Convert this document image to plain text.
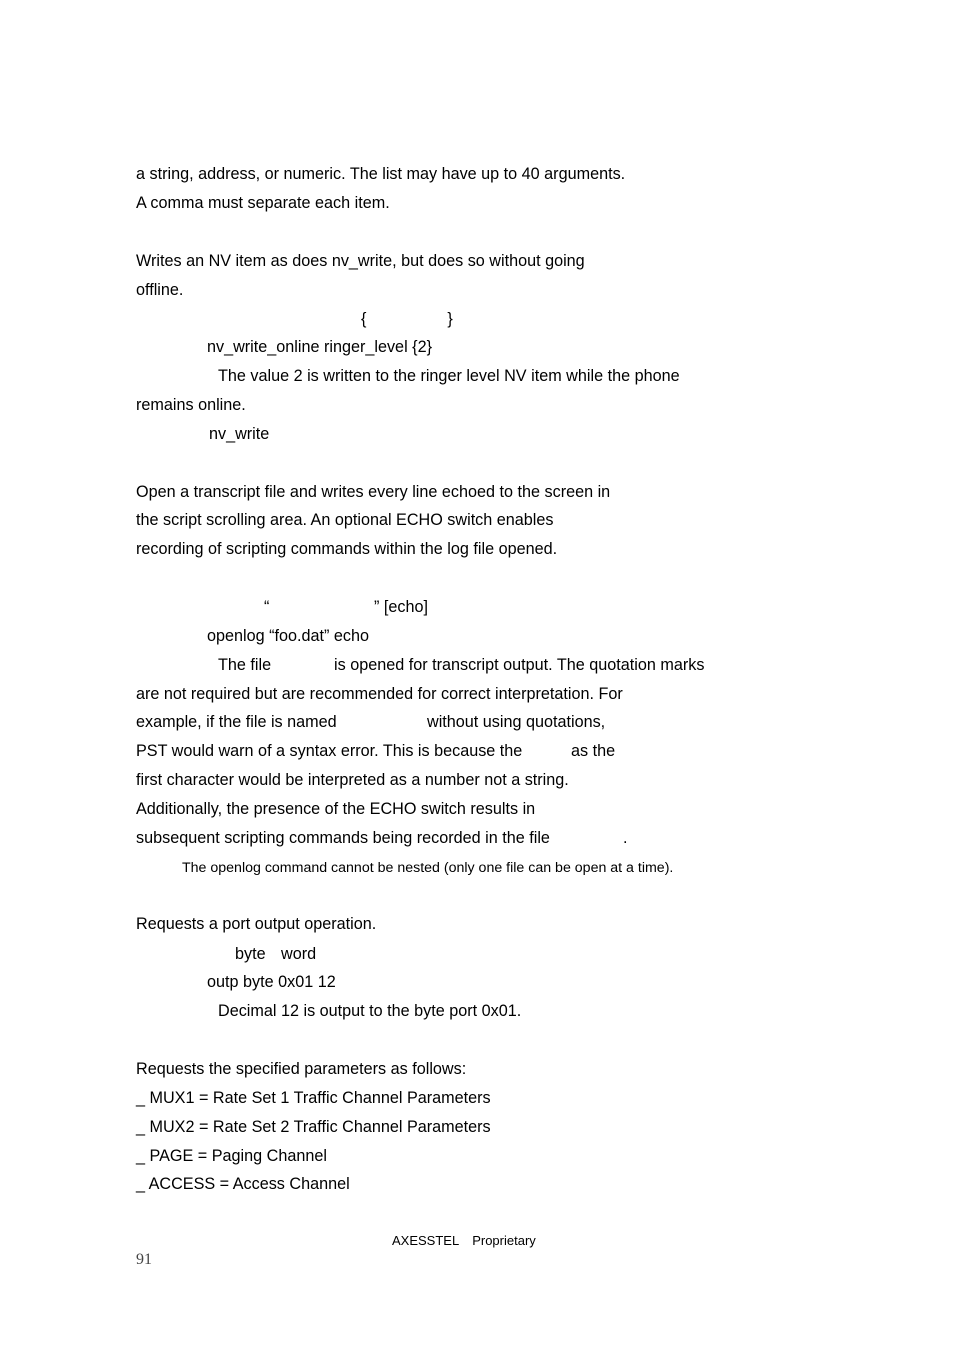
a string, address, or numeric. The list may have up to 40 arguments.

A comma must separate each item.

Writes an NV item as does nv_write, but does so without going

offline.

{                  }

nv_write_online ringer_level {2}

The value 2 is written to the ringer level NV item while the phone

remains online.

nv_write

Open a transcript file and writes every line echoed to the screen in

the script scrolling area. An optional ECHO switch enables

recording of scripting commands within the log file opened.

“	” [echo]

openlog “foo.dat” echo

The file	is opened for transcript output. The quotation marks

are not required but are recommended for correct interpretation. For

example, if the file is named	without using quotations,

PST would warn of a syntax error. This is because the	as the

first character would be interpreted as a number not a string.

Additionally, the presence of the ECHO switch results in

subsequent scripting commands being recorded in the file	.

The openlog command cannot be nested (only one file can be open at a time).

Requests a port output operation.

byte word

outp byte 0x01 12

Decimal 12 is output to the byte port 0x01.

Requests the specified parameters as follows:

_ MUX1 = Rate Set 1 Traffic Channel Parameters

_ MUX2 = Rate Set 2 Traffic Channel Parameters

_ PAGE = Paging Channel

_ ACCESS = Access Channel

AXESSTEL Proprietary
91
